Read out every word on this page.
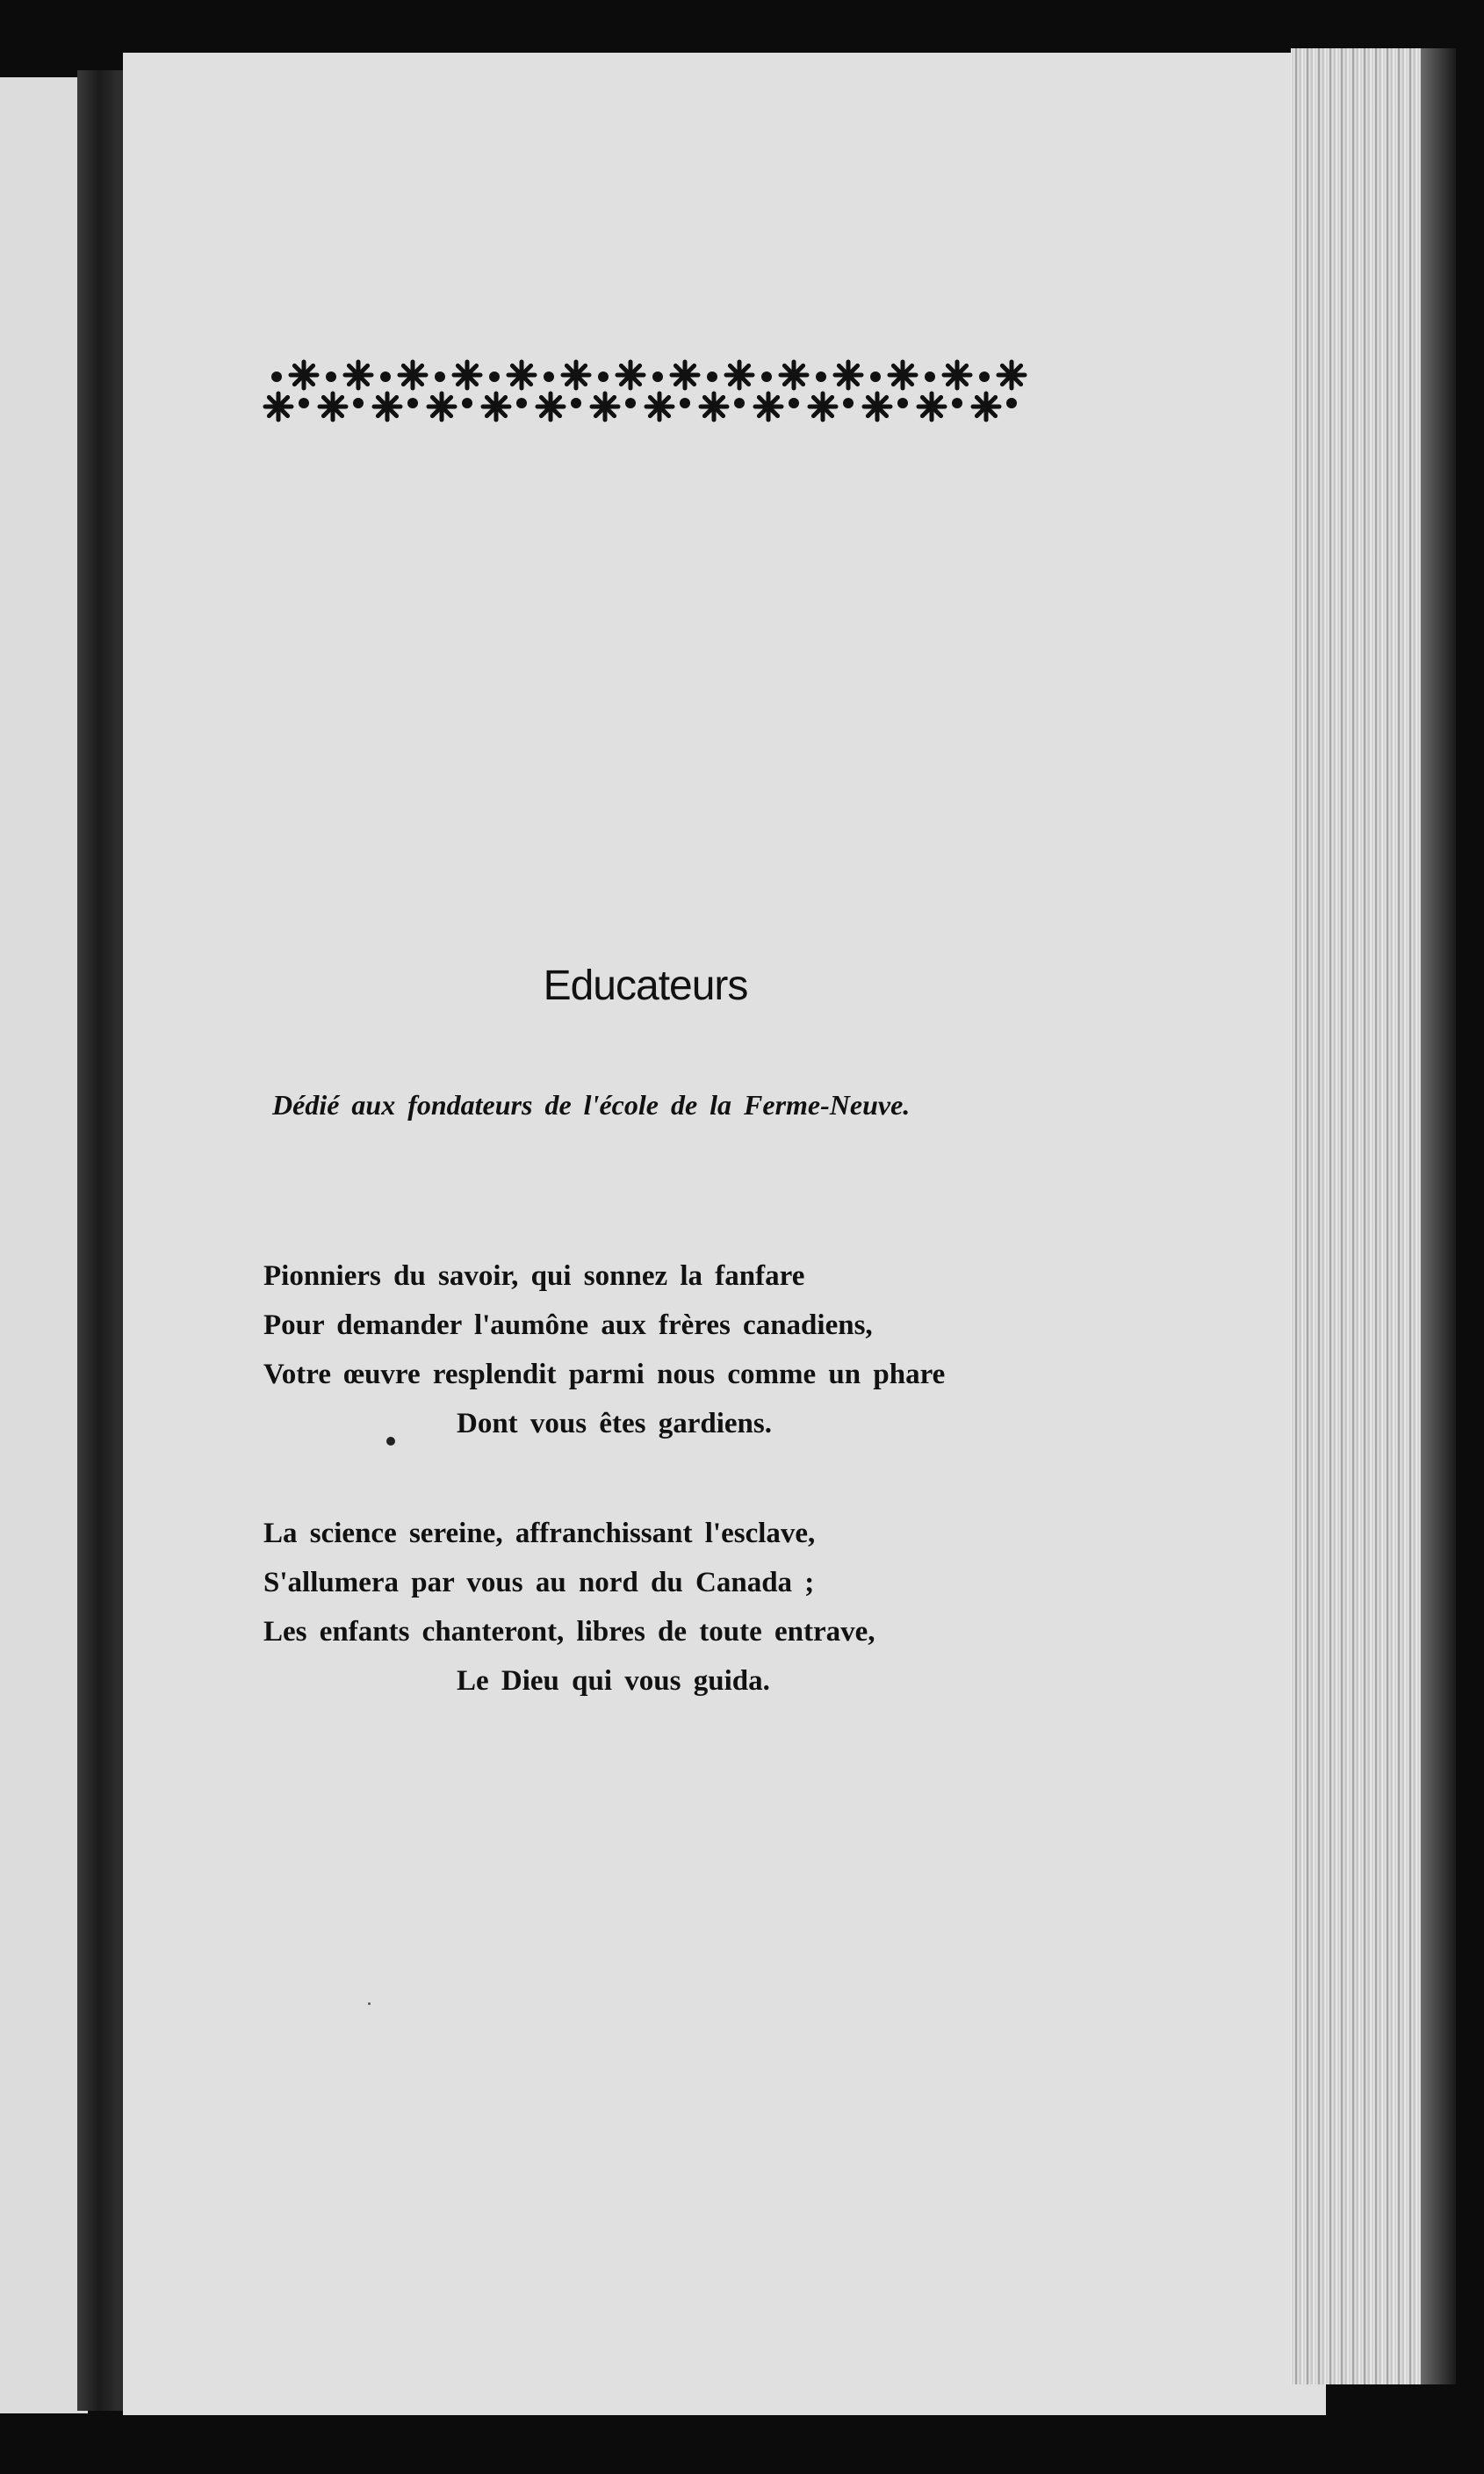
Educateurs
Dédié aux fondateurs de l'école de la Ferme-Neuve.
Pionniers du savoir, qui sonnez la fanfare
Pour demander l'aumône aux frères canadiens,
Votre œuvre resplendit parmi nous comme un phare
Dont vous êtes gardiens.
La science sereine, affranchissant l'esclave,
S'allumera par vous au nord du Canada ;
Les enfants chanteront, libres de toute entrave,
Le Dieu qui vous guida.
